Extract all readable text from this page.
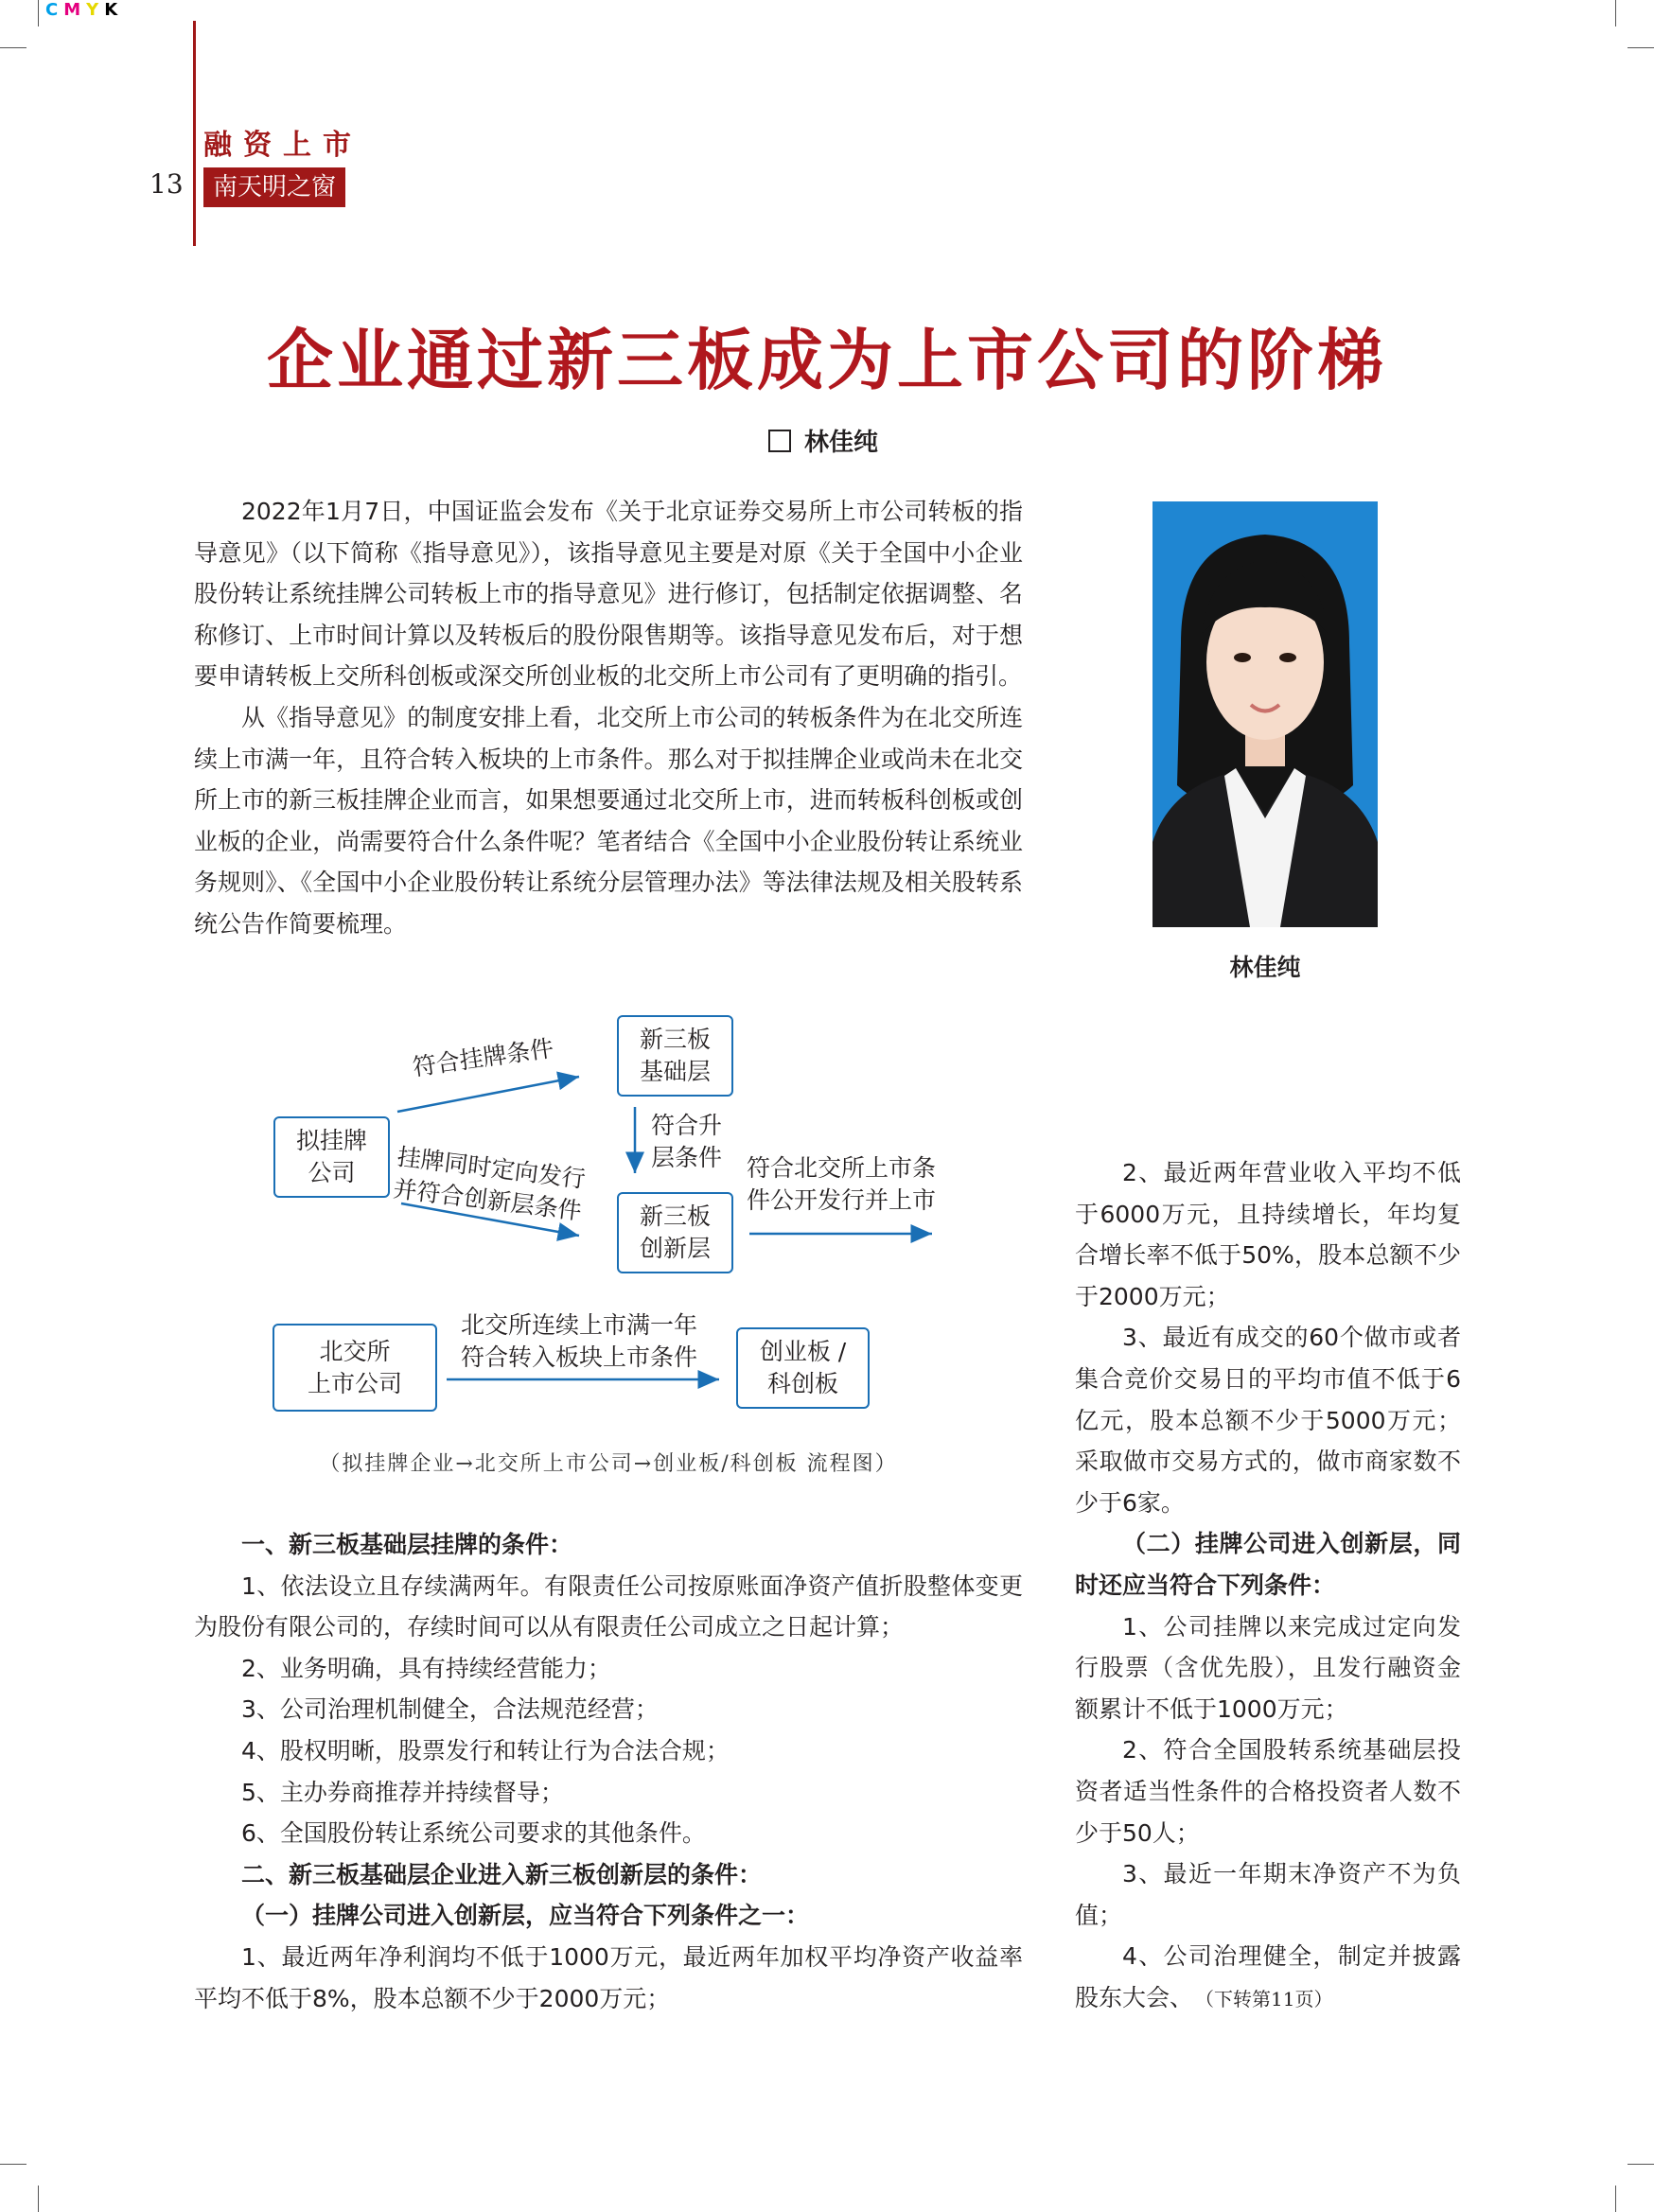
CMYK
融资上市
13	南天明之窗
企业通过新三板成为上市公司的阶梯
林佳纯

2022年1月7日，中国证监会发布《关于北京证券交易所上市公司转板的指导意见》（以下简称《指导意见》），该指导意见主要是对原《关于全国中小企业股份转让系统挂牌公司转板上市的指导意见》进行修订，包括制定依据调整、名称修订、上市时间计算以及转板后的股份限售期等。该指导意见发布后，对于想要申请转板上交所科创板或深交所创业板的北交所上市公司有了更明确的指引。

从《指导意见》的制度安排上看，北交所上市公司的转板条件为在北交所连续上市满一年，且符合转入板块的上市条件。那么对于拟挂牌企业或尚未在北交所上市的新三板挂牌企业而言，如果想要通过北交所上市，进而转板科创板或创业板的企业，尚需要符合什么条件呢？笔者结合《全国中小企业股份转让系统业务规则》、《全国中小企业股份转让系统分层管理办法》等法律法规及相关股转系统公告作简要梳理。

林佳纯
拟挂牌
公司
新三板
基础层
新三板
创新层
北交所
上市公司
创业板 /
科创板
符合挂牌条件
挂牌同时定向发行
并符合创新层条件
符合升
层条件 符合北交所上市条
件公开发行并上市
北交所连续上市满一年
符合转入板块上市条件
（拟挂牌企业→北交所上市公司→创业板/科创板 流程图）

一、新三板基础层挂牌的条件：

1、依法设立且存续满两年。有限责任公司按原账面净资产值折股整体变更为股份有限公司的，存续时间可以从有限责任公司成立之日起计算；

2、业务明确，具有持续经营能力；

3、公司治理机制健全，合法规范经营；

4、股权明晰，股票发行和转让行为合法合规；

5、主办券商推荐并持续督导；

6、全国股份转让系统公司要求的其他条件。

二、新三板基础层企业进入新三板创新层的条件：

（一）挂牌公司进入创新层，应当符合下列条件之一：

1、最近两年净利润均不低于1000万元，最近两年加权平均净资产收益率平均不低于8%，股本总额不少于2000万元；

2、最近两年营业收入平均不低于6000万元，且持续增长，年均复合增长率不低于50%，股本总额不少于2000万元；

3、最近有成交的60个做市或者集合竞价交易日的平均市值不低于6亿元，股本总额不少于5000万元；采取做市交易方式的，做市商家数不少于6家。

（二）挂牌公司进入创新层，同时还应当符合下列条件：

1、公司挂牌以来完成过定向发行股票（含优先股），且发行融资金额累计不低于1000万元；

2、符合全国股转系统基础层投资者适当性条件的合格投资者人数不少于50人；

3、最近一年期末净资产不为负值；

4、公司治理健全，制定并披露股东大会、 （下转第11页）
